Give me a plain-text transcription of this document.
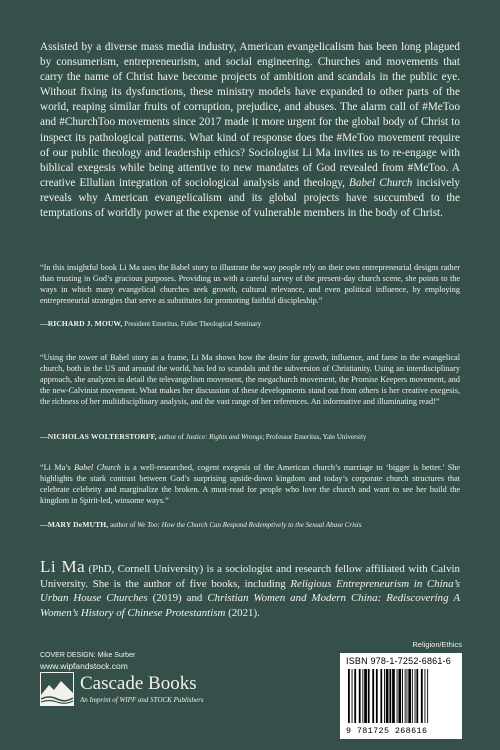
Assisted by a diverse mass media industry, American evangelicalism has been long plagued by consumerism, entrepreneurism, and social engineering. Churches and movements that carry the name of Christ have become projects of ambition and scandals in the public eye. Without fixing its dysfunctions, these ministry models have expanded to other parts of the world, reaping similar fruits of corruption, prejudice, and abuses. The alarm call of #MeToo and #ChurchToo movements since 2017 made it more urgent for the global body of Christ to inspect its pathological patterns. What kind of response does the #MeToo movement require of our public theology and leadership ethics? Sociologist Li Ma invites us to re-engage with biblical exegesis while being attentive to new mandates of God revealed from #MeToo. A creative Ellulian integration of sociological analysis and theology, Babel Church incisively reveals why American evangelicalism and its global projects have succumbed to the temptations of worldly power at the expense of vulnerable members in the body of Christ.

“In this insightful book Li Ma uses the Babel story to illustrate the way people rely on their own entrepreneurial designs rather than trusting in God’s gracious purposes. Providing us with a careful survey of the present-day church scene, she points to the ways in which many evangelical churches seek growth, cultural relevance, and even political influence, by employing entrepreneurial strategies that serve as substitutes for promoting faithful discipleship.”

—RICHARD J. MOUW, President Emeritus, Fuller Theological Seminary

“Using the tower of Babel story as a frame, Li Ma shows how the desire for growth, influence, and fame in the evangelical church, both in the US and around the world, has led to scandals and the subversion of Christianity. Using an interdisciplinary approach, she analyzes in detail the televangelism movement, the megachurch movement, the Promise Keepers movement, and the new-Calvinist movement. What makes her discussion of these developments stand out from others is her creative exegesis, the richness of her multidisciplinary analysis, and the vast range of her references. An informative and illuminating read!”

—NICHOLAS WOLTERSTORFF, author of Justice: Rights and Wrongs; Professor Emeritus, Yale University

“Li Ma’s Babel Church is a well-researched, cogent exegesis of the American church’s marriage to ‘bigger is better.’ She highlights the stark contrast between God’s surprising upside-down kingdom and today’s corporate church structures that celebrate celebrity and marginalize the broken. A must-read for people who love the church and want to see her build the kingdom in Spirit-led, winsome ways.”

—MARY DeMUTH, author of We Too: How the Church Can Respond Redemptively to the Sexual Abuse Crisis

Li Ma (PhD, Cornell University) is a sociologist and research fellow affiliated with Calvin University. She is the author of five books, including Religious Entrepreneurism in China’s Urban House Churches (2019) and Christian Women and Modern China: Rediscovering A Women’s History of Chinese Protestantism (2021).

COVER DESIGN: Mike Surber
www.wipfandstock.com
Cascade Books
An Imprint of WIPF and STOCK Publishers
Religion/Ethics
ISBN 978-1-7252-6861-6
9 781725 268616
